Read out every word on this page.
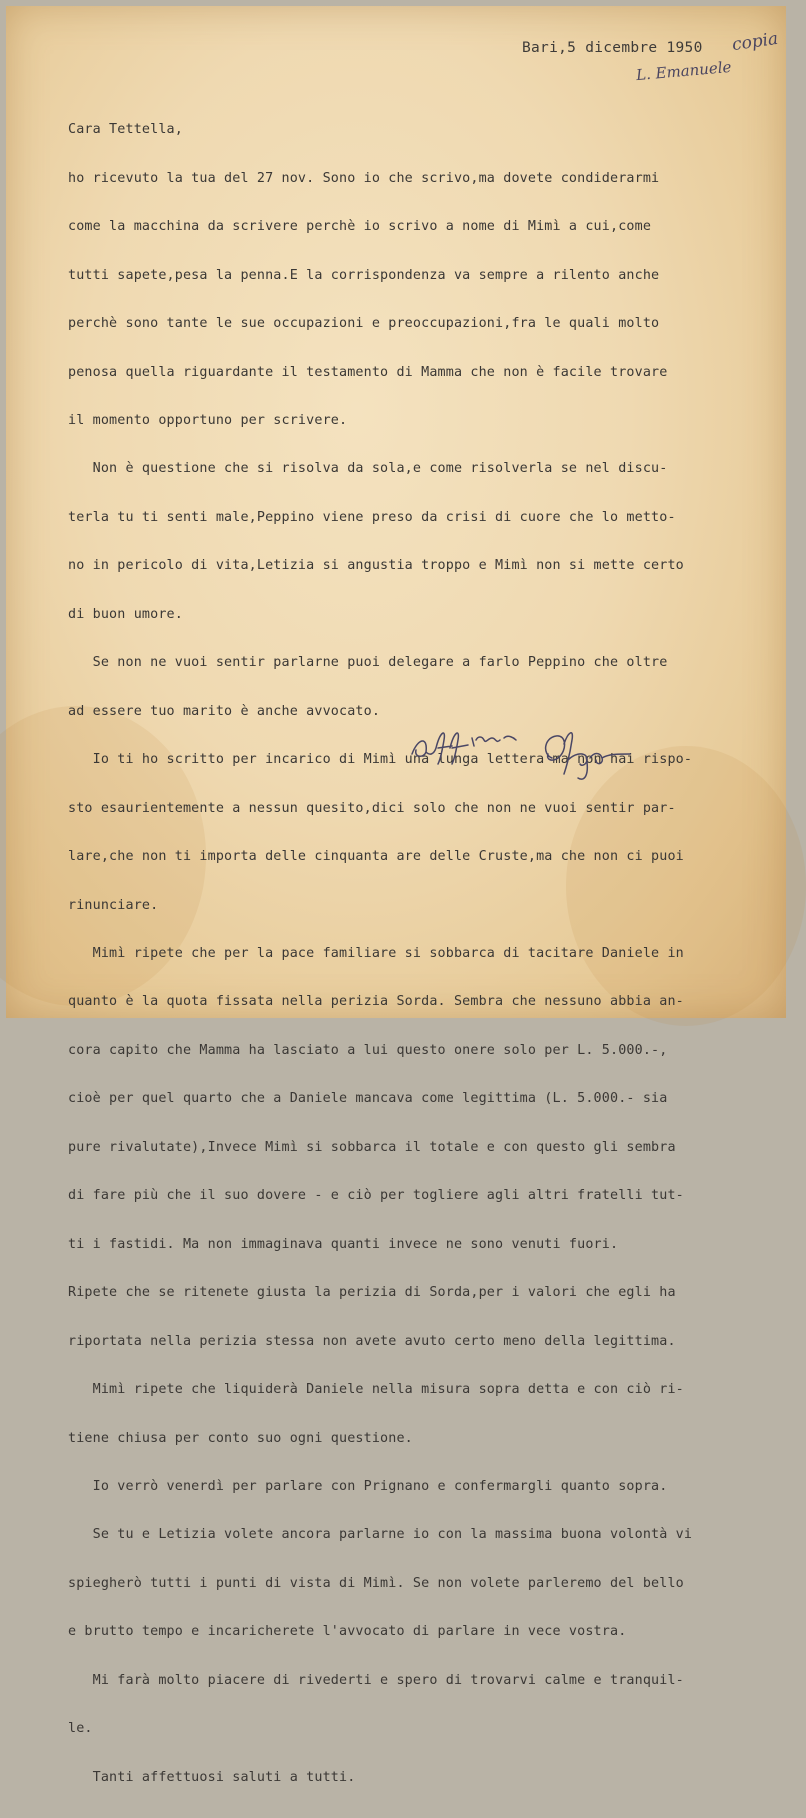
Bari,5 dicembre 1950 copia
L. Emanuele

Cara Tettella,

ho ricevuto la tua del 27 nov. Sono io che scrivo,ma dovete condiderarmi

come la macchina da scrivere perchè io scrivo a nome di Mimì a cui,come

tutti sapete,pesa la penna.E la corrispondenza va sempre a rilento anche

perchè sono tante le sue occupazioni e preoccupazioni,fra le quali molto

penosa quella riguardante il testamento di Mamma che non è facile trovare

il momento opportuno per scrivere.

Non è questione che si risolva da sola,e come risolverla se nel discu-

terla tu ti senti male,Peppino viene preso da crisi di cuore che lo metto-

no in pericolo di vita,Letizia si angustia troppo e Mimì non si mette certo

di buon umore.

Se non ne vuoi sentir parlarne puoi delegare a farlo Peppino che oltre

ad essere tuo marito è anche avvocato.

Io ti ho scritto per incarico di Mimì una lunga lettera ma non hai rispo-

sto esaurientemente a nessun quesito,dici solo che non ne vuoi sentir par-

lare,che non ti importa delle cinquanta are delle Cruste,ma che non ci puoi

rinunciare.

Mimì ripete che per la pace familiare si sobbarca di tacitare Daniele in

quanto è la quota fissata nella perizia Sorda. Sembra che nessuno abbia an-

cora capito che Mamma ha lasciato a lui questo onere solo per L. 5.000.-,

cioè per quel quarto che a Daniele mancava come legittima (L. 5.000.- sia

pure rivalutate),Invece Mimì si sobbarca il totale e con questo gli sembra

di fare più che il suo dovere - e ciò per togliere agli altri fratelli tut-

ti i fastidi. Ma non immaginava quanti invece ne sono venuti fuori.

Ripete che se ritenete giusta la perizia di Sorda,per i valori che egli ha

riportata nella perizia stessa non avete avuto certo meno della legittima.

Mimì ripete che liquiderà Daniele nella misura sopra detta e con ciò ri-

tiene chiusa per conto suo ogni questione.

Io verrò venerdì per parlare con Prignano e confermargli quanto sopra.

Se tu e Letizia volete ancora parlarne io con la massima buona volontà vi

spiegherò tutti i punti di vista di Mimì. Se non volete parleremo del bello

e brutto tempo e incaricherete l'avvocato di parlare in vece vostra.

Mi farà molto piacere di rivederti e spero di trovarvi calme e tranquil-

le.

Tanti affettuosi saluti a tutti.
